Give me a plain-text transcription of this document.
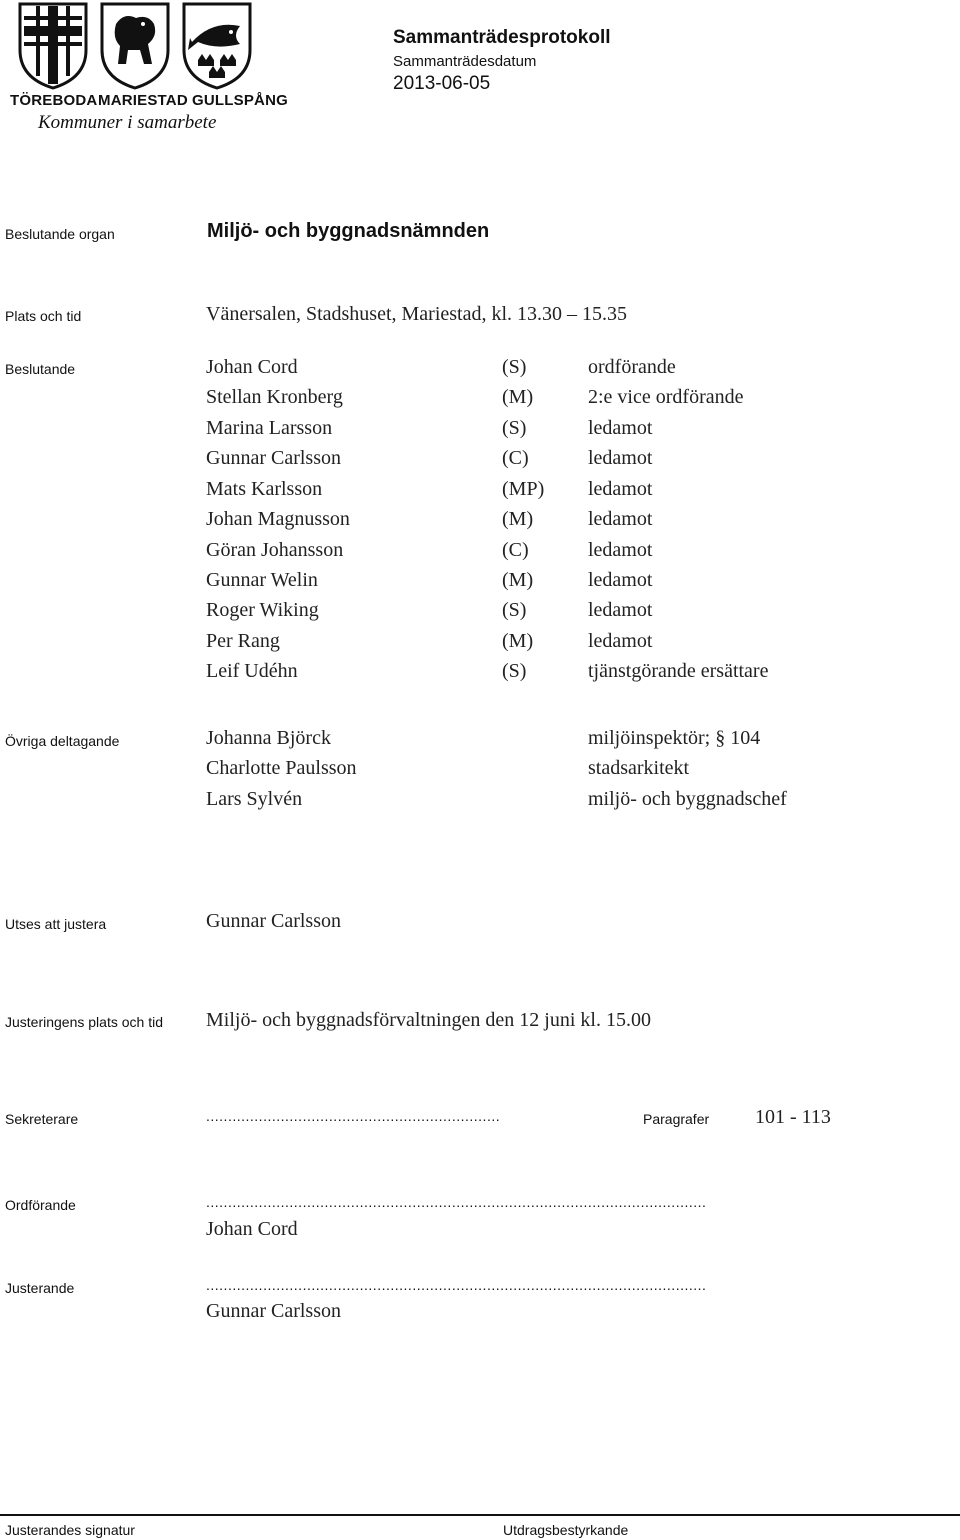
TÖREBODA MARIESTAD GULLSPÅNG
Kommuner i samarbete
Sammanträdesprotokoll
Sammanträdesdatum
2013-06-05
Beslutande organ	Miljö- och byggnadsnämnden
Plats och tid	Vänersalen, Stadshuset, Mariestad, kl. 13.30 – 15.35
Beslutande	Johan Cord	(S)	ordförande
Stellan Kronberg	(M)	2:e vice ordförande
Marina Larsson	(S)	ledamot
Gunnar Carlsson	(C)	ledamot
Mats Karlsson	(MP) ledamot
Johan Magnusson	(M)	ledamot
Göran Johansson	(C)	ledamot
Gunnar Welin	(M)	ledamot
Roger Wiking	(S)	ledamot
Per Rang	(M)	ledamot
Leif Udéhn	(S)	tjänstgörande ersättare
Övriga deltagande	Johanna Björck	miljöinspektör; § 104
Charlotte Paulsson	stadsarkitekt
Lars Sylvén	miljö- och byggnadschef
Utses att justera	Gunnar Carlsson
Justeringens plats och tid Miljö- och byggnadsförvaltningen den 12 juni kl. 15.00
Sekreterare	...................................................................	Paragrafer 101 - 113
Ordförande	..................................................................................................................
Johan Cord
Justerande	..................................................................................................................
Gunnar Carlsson
Justerandes signatur	Utdragsbestyrkande
